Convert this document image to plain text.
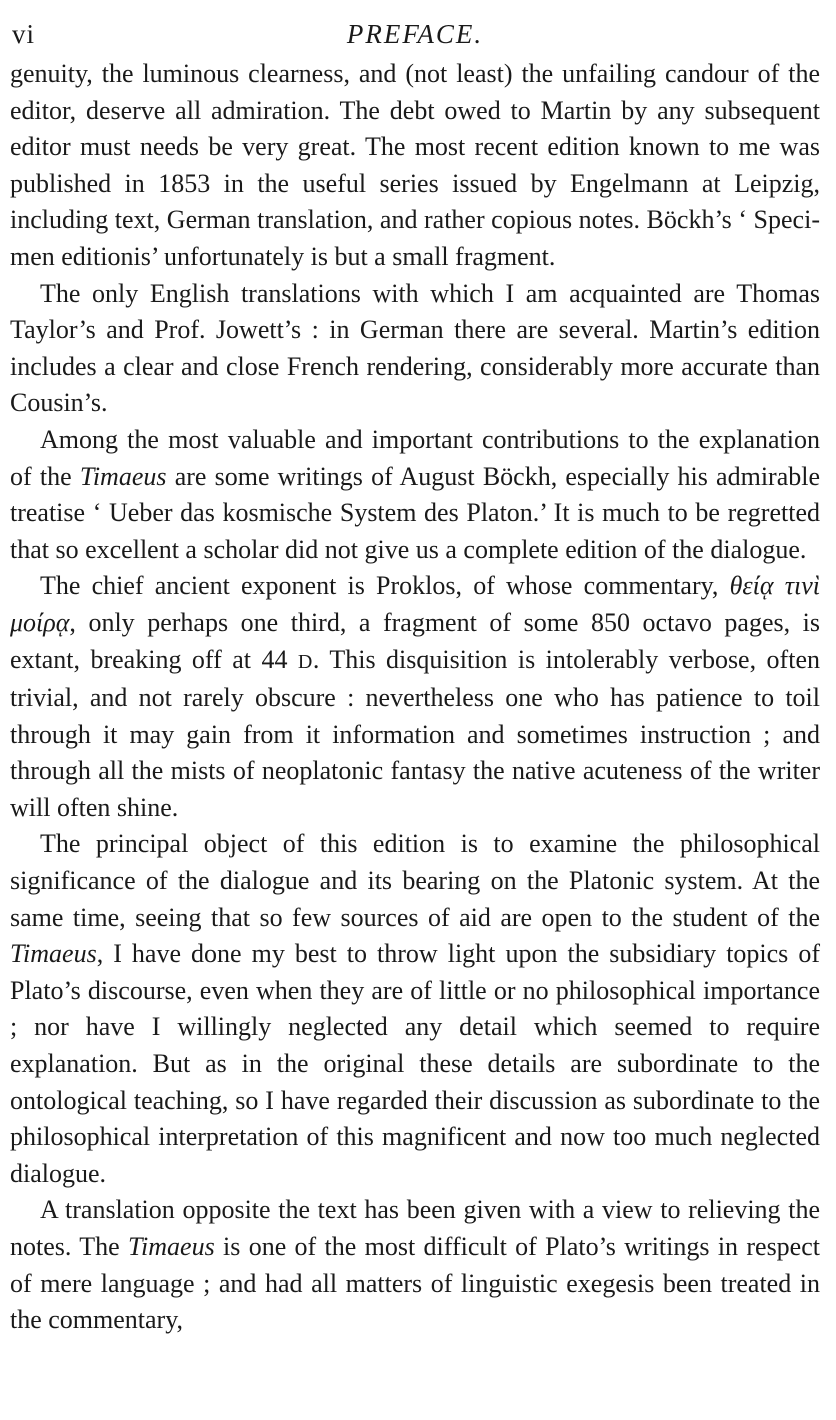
vi	PREFACE.

genuity, the luminous clearness, and (not least) the unfailing candour of the editor, deserve all admiration. The debt owed to Martin by any subsequent editor must needs be very great. The most recent edition known to me was published in 1853 in the useful series issued by Engelmann at Leipzig, including text, German translation, and rather copious notes. Böckh’s ‘ Specimen editionis’ unfortunately is but a small fragment.

The only English translations with which I am acquainted are Thomas Taylor’s and Prof. Jowett’s : in German there are several. Martin’s edition includes a clear and close French rendering, considerably more accurate than Cousin’s.

Among the most valuable and important contributions to the explanation of the Timaeus are some writings of August Böckh, especially his admirable treatise ‘ Ueber das kosmische System des Platon.’ It is much to be regretted that so excellent a scholar did not give us a complete edition of the dialogue.

The chief ancient exponent is Proklos, of whose commentary, θείᾳ τινὶ μοίρᾳ, only perhaps one third, a fragment of some 850 octavo pages, is extant, breaking off at 44 D. This disquisition is intolerably verbose, often trivial, and not rarely obscure : nevertheless one who has patience to toil through it may gain from it information and sometimes instruction ; and through all the mists of neoplatonic fantasy the native acuteness of the writer will often shine.

The principal object of this edition is to examine the philosophical significance of the dialogue and its bearing on the Platonic system. At the same time, seeing that so few sources of aid are open to the student of the Timaeus, I have done my best to throw light upon the subsidiary topics of Plato’s discourse, even when they are of little or no philosophical importance ; nor have I willingly neglected any detail which seemed to require explanation. But as in the original these details are subordinate to the ontological teaching, so I have regarded their discussion as subordinate to the philosophical interpretation of this magnificent and now too much neglected dialogue.

A translation opposite the text has been given with a view to relieving the notes. The Timaeus is one of the most difficult of Plato’s writings in respect of mere language ; and had all matters of linguistic exegesis been treated in the commentary,
